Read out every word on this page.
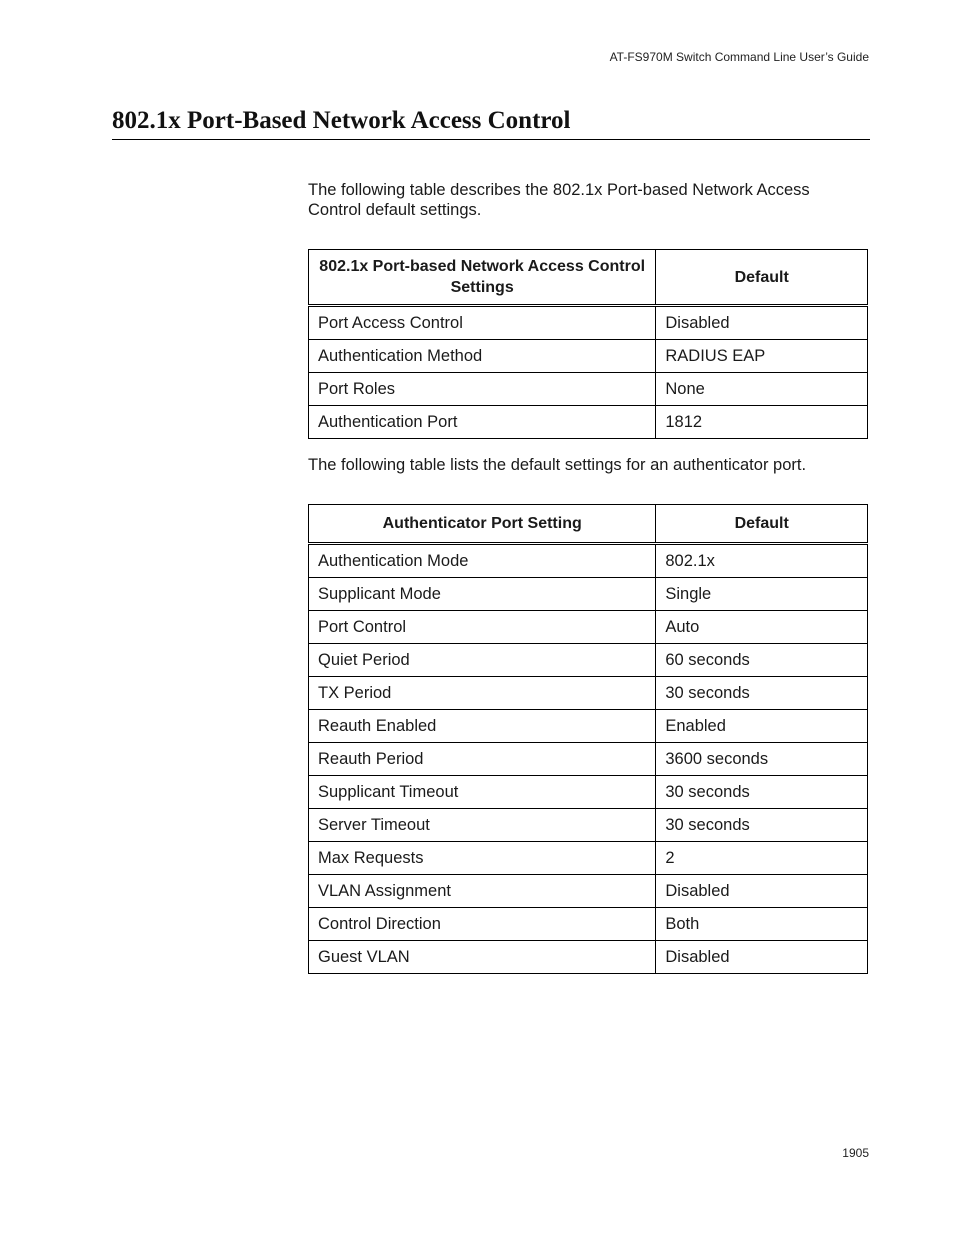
AT-FS970M Switch Command Line User’s Guide
802.1x Port-Based Network Access Control

The following table describes the 802.1x Port-based Network Access Control default settings.

802.1x Port-based Network Access Control Settings	Default
Port Access Control	Disabled
Authentication Method	RADIUS EAP
Port Roles	None
Authentication Port	1812

The following table lists the default settings for an authenticator port.

Authenticator Port Setting	Default
Authentication Mode	802.1x
Supplicant Mode	Single
Port Control	Auto
Quiet Period	60 seconds
TX Period	30 seconds
Reauth Enabled	Enabled
Reauth Period	3600 seconds
Supplicant Timeout	30 seconds
Server Timeout	30 seconds
Max Requests	2
VLAN Assignment	Disabled
Control Direction	Both
Guest VLAN	Disabled
1905
